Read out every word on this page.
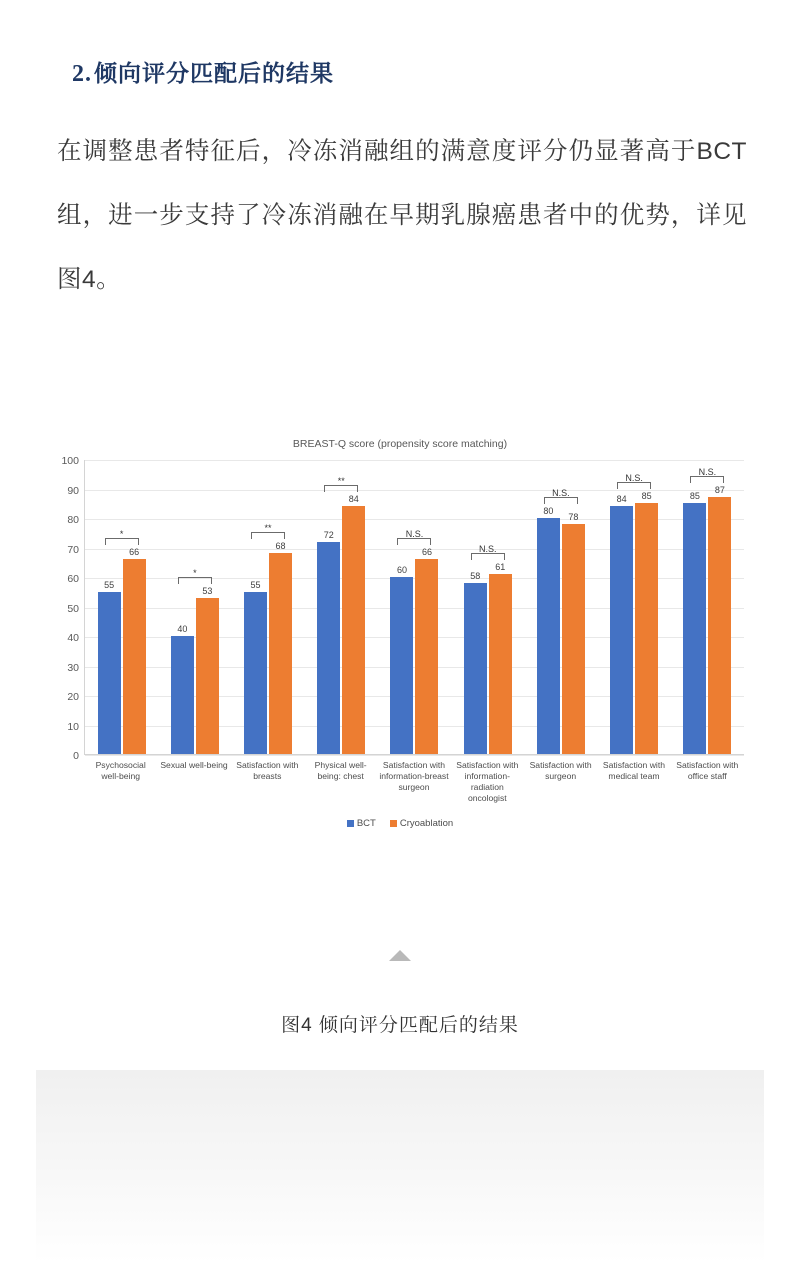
2.倾向评分匹配后的结果
在调整患者特征后，冷冻消融组的满意度评分仍显著高于BCT组，进一步支持了冷冻消融在早期乳腺癌患者中的优势，详见图4。
BREAST-Q score (propensity score matching)
0
10
20
30
40
50
60
70
80
90
100
55
66
*
40
53
*
55
68
**
72
84
**
60
66
N.S.
58
61
N.S.
80
78
N.S.
84 85
N.S.
85
87
N.S.
Psychosocial well-being
Sexual well-being Satisfaction with breasts
Physical well-being: chest
Satisfaction with information-breast surgeon
Satisfaction with information-radiation oncologist
Satisfaction with surgeon
Satisfaction with medical team
Satisfaction with office staff
BCT	Cryoablation
图4 倾向评分匹配后的结果
